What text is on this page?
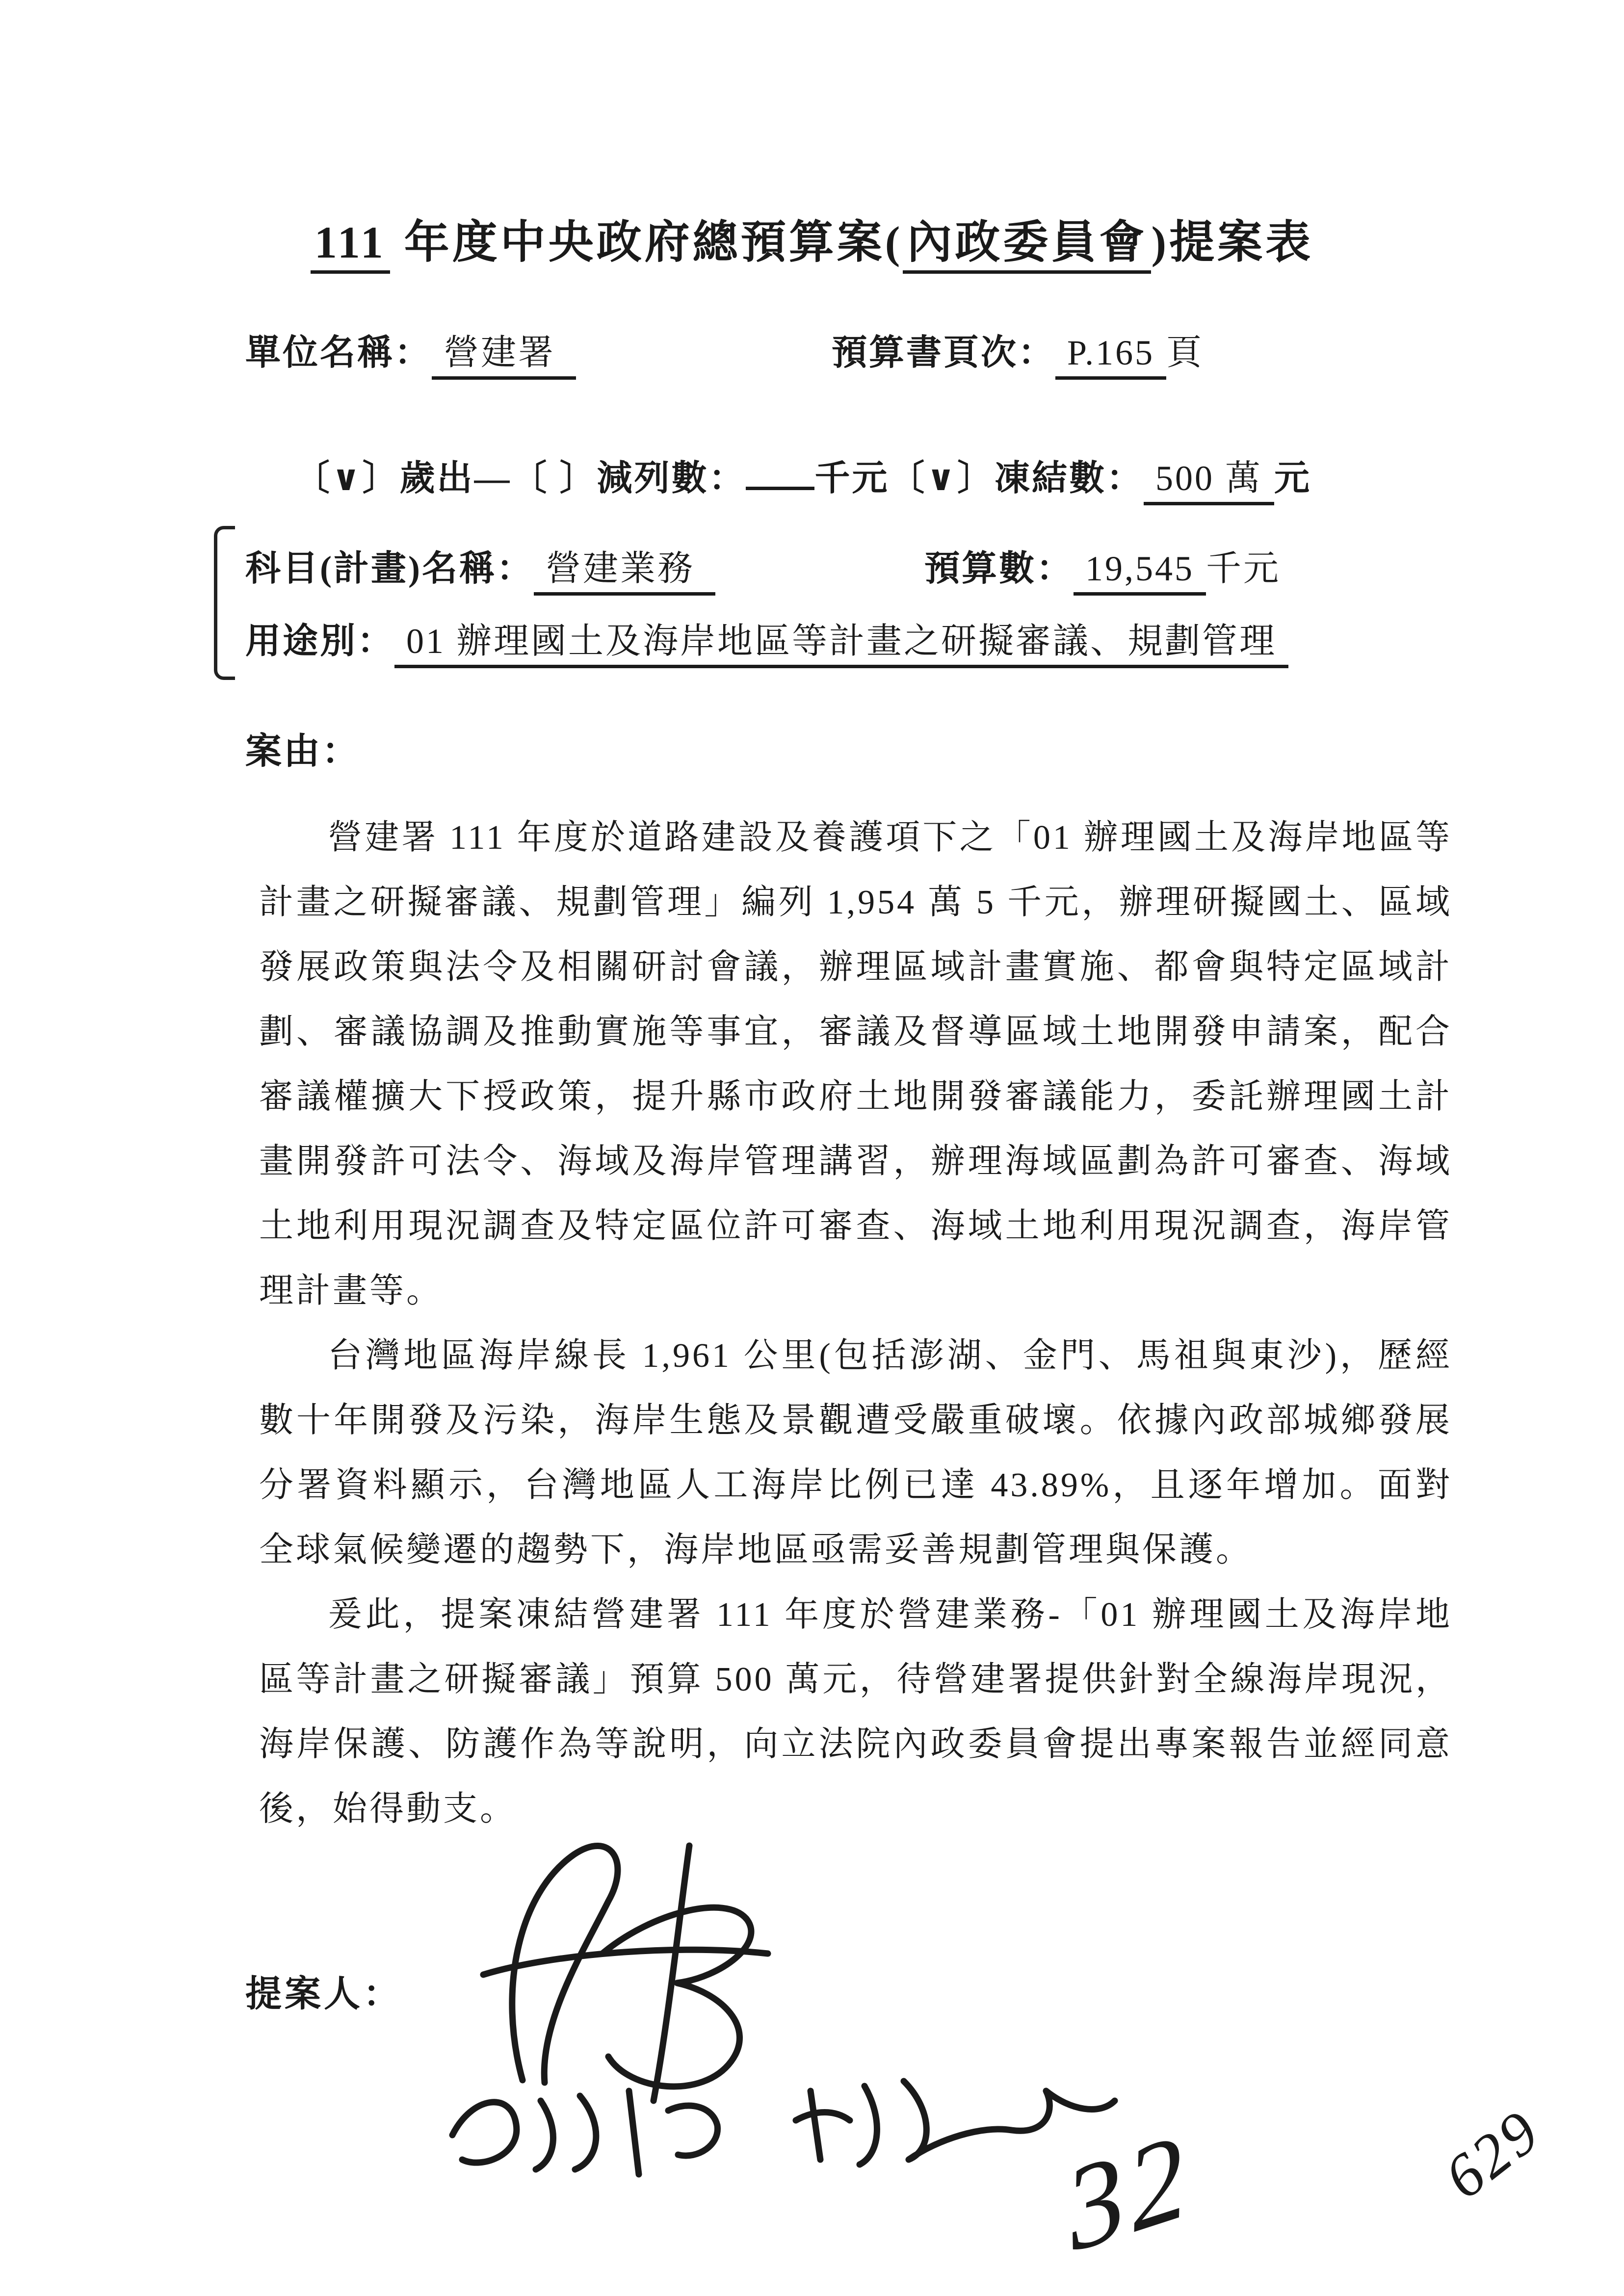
111 年度中央政府總預算案(內政委員會)提案表
單位名稱： 營建署	預算書頁次： P.165 頁
〔∨〕歲出—〔 〕減列數： 千元〔∨〕凍結數： 500 萬 元
科目(計畫)名稱： 營建業務	預算數： 19,545 千元
用途別： 01 辦理國土及海岸地區等計畫之研擬審議、規劃管理
案由：

營建署 111 年度於道路建設及養護項下之「01 辦理國土及海岸地區等計畫之研擬審議、規劃管理」編列 1,954 萬 5 千元，辦理研擬國土、區域發展政策與法令及相關研討會議，辦理區域計畫實施、都會與特定區域計劃、審議協調及推動實施等事宜，審議及督導區域土地開發申請案，配合審議權擴大下授政策，提升縣市政府土地開發審議能力，委託辦理國土計畫開發許可法令、海域及海岸管理講習，辦理海域區劃為許可審查、海域土地利用現況調查及特定區位許可審查、海域土地利用現況調查，海岸管理計畫等。

台灣地區海岸線長 1,961 公里(包括澎湖、金門、馬祖與東沙)，歷經數十年開發及污染，海岸生態及景觀遭受嚴重破壞。依據內政部城鄉發展分署資料顯示，台灣地區人工海岸比例已達 43.89%，且逐年增加。面對全球氣候變遷的趨勢下，海岸地區亟需妥善規劃管理與保護。

爰此，提案凍結營建署 111 年度於營建業務-「01 辦理國土及海岸地區等計畫之研擬審議」預算 500 萬元，待營建署提供針對全線海岸現況，海岸保護、防護作為等說明，向立法院內政委員會提出專案報告並經同意後，始得動支。

提案人：
32	629
